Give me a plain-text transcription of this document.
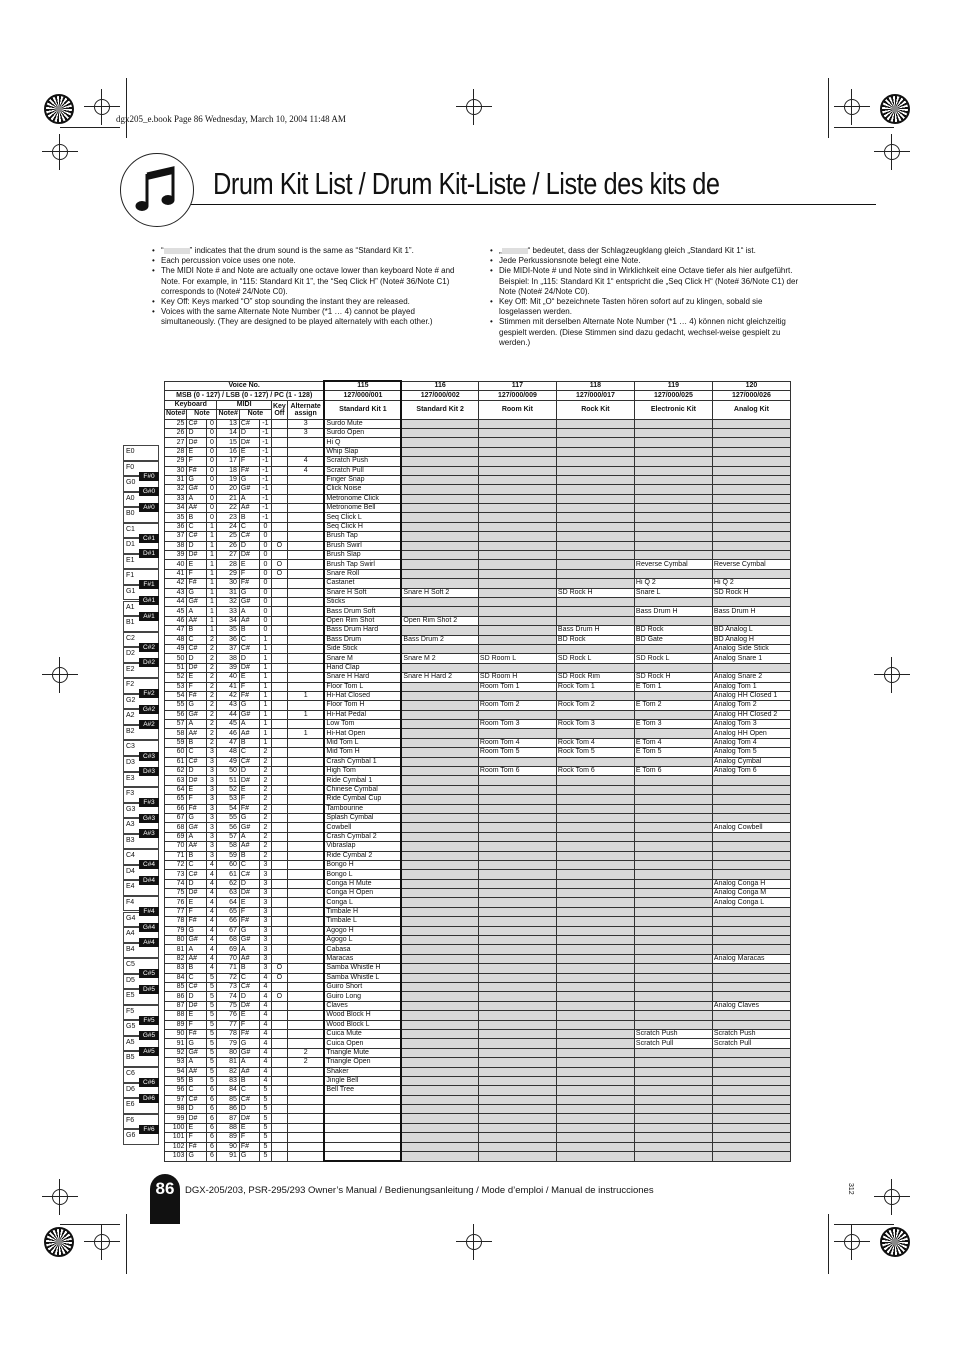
dgx205_e.book Page 86 Wednesday, March 10, 2004 11:48 AM
Drum Kit List / Drum Kit-Liste / Liste des kits de
• “	” indicates that the drum sound is the same as “Standard Kit 1”.
• Each percussion voice uses one note.
• The MIDI Note # and Note are actually one octave lower than keyboard Note # and Note. For example, in “115: Standard Kit 1”, the “Seq Click H” (Note# 36/Note C1) corresponds to (Note# 24/Note C0).
• Key Off: Keys marked “O” stop sounding the instant they are released.
• Voices with the same Alternate Note Number (*1 … 4) cannot be played simultaneously. (They are designed to be played alternately with each other.)
• „	“ bedeutet, dass der Schlagzeugklang gleich „Standard Kit 1“ ist.
• Jede Perkussionsnote belegt eine Note.
• Die MIDI-Note # und Note sind in Wirklichkeit eine Octave tiefer als hier aufgeführt. Beispiel: In „115: Standard Kit 1“ entspricht die „Seq Click H“ (Note# 36/Note C1) der Note (Note# 24/Note C0).
• Key Off: Mit „O“ bezeichnete Tasten hören sofort auf zu klingen, sobald sie losgelassen werden.
• Stimmen mit derselben Alternate Note Number (*1 … 4) können nicht gleichzeitig gespielt werden. (Diese Stimmen sind dazu gedacht, wechsel-weise gespielt zu werden.)
E0
F0
G0
A0
B0
C1
D1
E1
F1
G1
A1
B1
C2
D2
E2
F2
G2
A2
B2
C3
D3
E3
F3
G3
A3
B3
C4
D4
E4
F4
G4
A4
B4
C5
D5
E5
F5
G5
A5
B5
C6
D6
E6
F6
G6
F#0
G#0
A#0
C#1
D#1
F#1
G#1
A#1
C#2
D#2
F#2
G#2
A#2
C#3
D#3
F#3
G#3
A#3
C#4
D#4
F#4
G#4
A#4
C#5
D#5
F#5
G#5
A#5
C#6
D#6
F#6
Voice No.								115	116	117	118	119	120
MSB (0 - 127) / LSB (0 - 127) / PC (1 - 128)								127/000/001	127/000/002	127/000/009	127/000/017	127/000/025	127/000/026
Keyboard			MIDI			Key Off	Alternate assign	Standard Kit 1	Standard Kit 2	Room Kit	Rock Kit	Electronic Kit	Analog Kit
Note#	Note		Note#	Note									
25	C#	0	13	C#	-1		3	Surdo Mute					
26	D	0	14	D	-1		3	Surdo Open					
27	D#	0	15	D#	-1			Hi Q					
28	E	0	16	E	-1			Whip Slap					
29	F	0	17	F	-1		4	Scratch Push					
30	F#	0	18	F#	-1		4	Scratch Pull					
31	G	0	19	G	-1			Finger Snap					
32	G#	0	20	G#	-1			Click Noise					
33	A	0	21	A	-1			Metronome Click					
34	A#	0	22	A#	-1			Metronome Bell					
35	B	0	23	B	-1			Seq Click L					
36	C	1	24	C	0			Seq Click H					
37	C#	1	25	C#	0			Brush Tap					
38	D	1	26	D	0	O		Brush Swirl					
39	D#	1	27	D#	0			Brush Slap					
40	E	1	28	E	0	O		Brush Tap Swirl				Reverse Cymbal	Reverse Cymbal
41	F	1	29	F	0	O		Snare Roll					
42	F#	1	30	F#	0			Castanet				Hi Q 2	Hi Q 2
43	G	1	31	G	0			Snare H Soft	Snare H Soft 2		SD Rock H	Snare L	SD Rock H
44	G#	1	32	G#	0			Sticks					
45	A	1	33	A	0			Bass Drum Soft				Bass Drum H	Bass Drum H
46	A#	1	34	A#	0			Open Rim Shot	Open Rim Shot 2				
47	B	1	35	B	0			Bass Drum Hard			Bass Drum H	BD Rock	BD Analog L
48	C	2	36	C	1			Bass Drum	Bass Drum 2		BD Rock	BD Gate	BD Analog H
49	C#	2	37	C#	1			Side Stick					Analog Side Stick
50	D	2	38	D	1			Snare M	Snare M 2	SD Room L	SD Rock L	SD Rock L	Analog Snare 1
51	D#	2	39	D#	1			Hand Clap					
52	E	2	40	E	1			Snare H Hard	Snare H Hard 2	SD Room H	SD Rock Rim	SD Rock H	Analog Snare 2
53	F	2	41	F	1			Floor Tom L		Room Tom 1	Rock Tom 1	E Tom 1	Analog Tom 1
54	F#	2	42	F#	1		1	Hi-Hat Closed					Analog HH Closed 1
55	G	2	43	G	1			Floor Tom H		Room Tom 2	Rock Tom 2	E Tom 2	Analog Tom 2
56	G#	2	44	G#	1		1	Hi-Hat Pedal					Analog HH Closed 2
57	A	2	45	A	1			Low Tom		Room Tom 3	Rock Tom 3	E Tom 3	Analog Tom 3
58	A#	2	46	A#	1		1	Hi-Hat Open					Analog HH Open
59	B	2	47	B	1			Mid Tom L		Room Tom 4	Rock Tom 4	E Tom 4	Analog Tom 4
60	C	3	48	C	2			Mid Tom H		Room Tom 5	Rock Tom 5	E Tom 5	Analog Tom 5
61	C#	3	49	C#	2			Crash Cymbal 1					Analog Cymbal
62	D	3	50	D	2			High Tom		Room Tom 6	Rock Tom 6	E Tom 6	Analog Tom 6
63	D#	3	51	D#	2			Ride Cymbal 1					
64	E	3	52	E	2			Chinese Cymbal					
65	F	3	53	F	2			Ride Cymbal Cup					
66	F#	3	54	F#	2			Tambourine					
67	G	3	55	G	2			Splash Cymbal					
68	G#	3	56	G#	2			Cowbell					Analog Cowbell
69	A	3	57	A	2			Crash Cymbal 2					
70	A#	3	58	A#	2			Vibraslap					
71	B	3	59	B	2			Ride Cymbal 2					
72	C	4	60	C	3			Bongo H					
73	C#	4	61	C#	3			Bongo L					
74	D	4	62	D	3			Conga H Mute					Analog Conga H
75	D#	4	63	D#	3			Conga H Open					Analog Conga M
76	E	4	64	E	3			Conga L					Analog Conga L
77	F	4	65	F	3			Timbale H					
78	F#	4	66	F#	3			Timbale L					
79	G	4	67	G	3			Agogo H					
80	G#	4	68	G#	3			Agogo L					
81	A	4	69	A	3			Cabasa					
82	A#	4	70	A#	3			Maracas					Analog Maracas
83	B	4	71	B	3	O		Samba Whistle H					
84	C	5	72	C	4	O		Samba Whistle L					
85	C#	5	73	C#	4			Guiro Short					
86	D	5	74	D	4	O		Guiro Long					
87	D#	5	75	D#	4			Claves					Analog Claves
88	E	5	76	E	4			Wood Block H					
89	F	5	77	F	4			Wood Block L					
90	F#	5	78	F#	4			Cuica Mute				Scratch Push	Scratch Push
91	G	5	79	G	4			Cuica Open				Scratch Pull	Scratch Pull
92	G#	5	80	G#	4		2	Triangle Mute					
93	A	5	81	A	4		2	Triangle Open					
94	A#	5	82	A#	4			Shaker					
95	B	5	83	B	4			Jingle Bell					
96	C	6	84	C	5			Bell Tree					
97	C#	6	85	C#	5								
98	D	6	86	D	5								
99	D#	6	87	D#	5								
100	E	6	88	E	5								
101	F	6	89	F	5								
102	F#	6	90	F#	5								
103	G	6	91	G	5								
86	DGX-205/203, PSR-295/293 Owner’s Manual / Bedienungsanleitung / Mode d’emploi / Manual de instrucciones	312
